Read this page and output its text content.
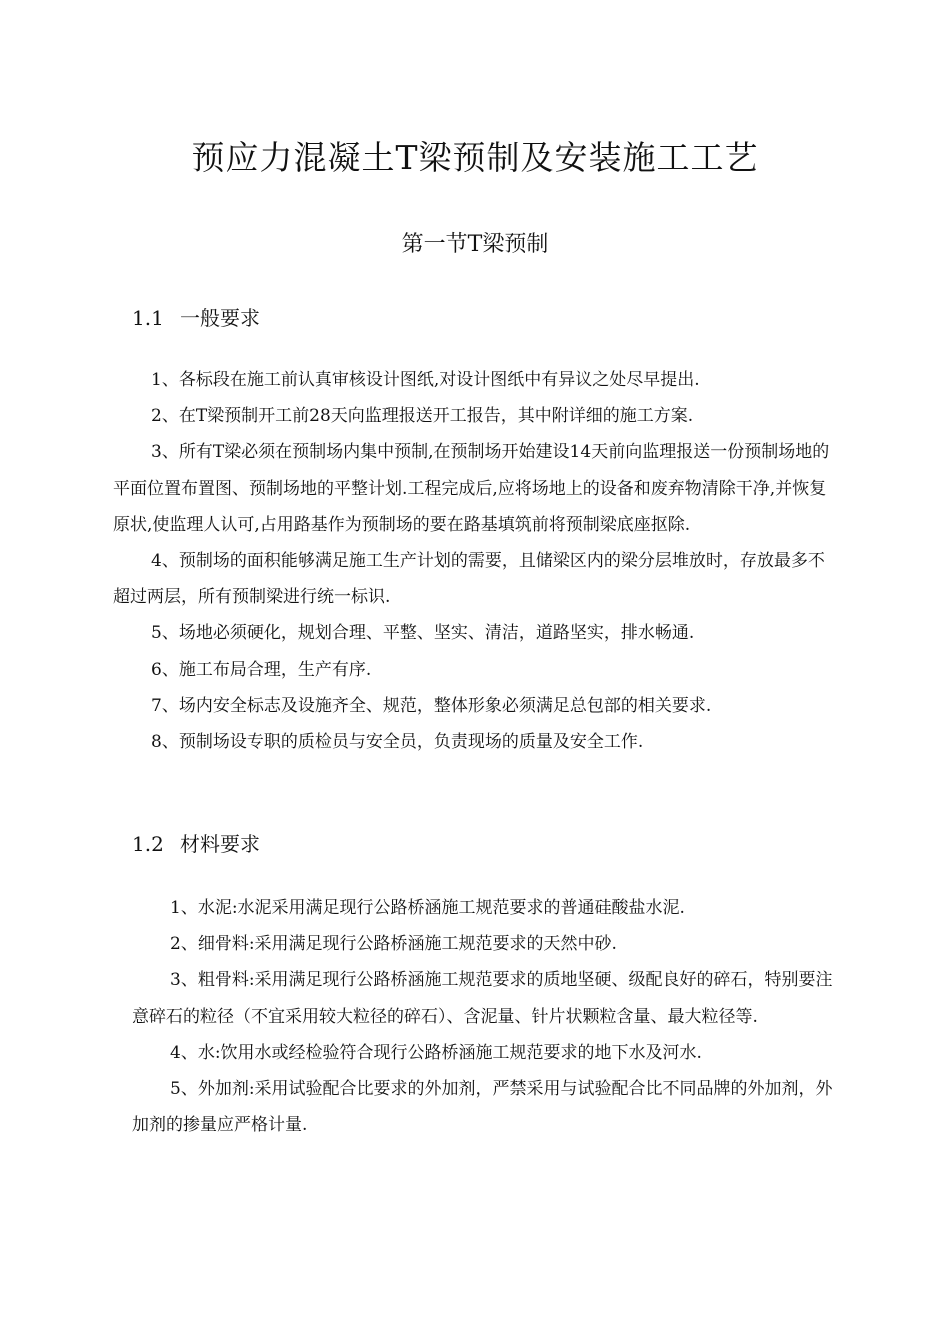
预应力混凝土T梁预制及安装施工工艺
第一节T梁预制
1.1 一般要求

1、各标段在施工前认真审核设计图纸,对设计图纸中有异议之处尽早提出.

2、在T梁预制开工前28天向监理报送开工报告，其中附详细的施工方案.

3、所有T梁必须在预制场内集中预制,在预制场开始建设14天前向监理报送一份预制场地的平面位置布置图、预制场地的平整计划.工程完成后,应将场地上的设备和废弃物清除干净,并恢复原状,使监理人认可,占用路基作为预制场的要在路基填筑前将预制梁底座抠除.

4、预制场的面积能够满足施工生产计划的需要，且储梁区内的梁分层堆放时，存放最多不超过两层，所有预制梁进行统一标识.

5、场地必须硬化，规划合理、平整、坚实、清洁，道路坚实，排水畅通.

6、施工布局合理，生产有序.

7、场内安全标志及设施齐全、规范，整体形象必须满足总包部的相关要求.

8、预制场设专职的质检员与安全员，负责现场的质量及安全工作.

1.2 材料要求

1、水泥:水泥采用满足现行公路桥涵施工规范要求的普通硅酸盐水泥.

2、细骨料:采用满足现行公路桥涵施工规范要求的天然中砂.

3、粗骨料:采用满足现行公路桥涵施工规范要求的质地坚硬、级配良好的碎石，特别要注意碎石的粒径（不宜采用较大粒径的碎石）、含泥量、针片状颗粒含量、最大粒径等.

4、水:饮用水或经检验符合现行公路桥涵施工规范要求的地下水及河水.

5、外加剂:采用试验配合比要求的外加剂，严禁采用与试验配合比不同品牌的外加剂，外加剂的掺量应严格计量.
